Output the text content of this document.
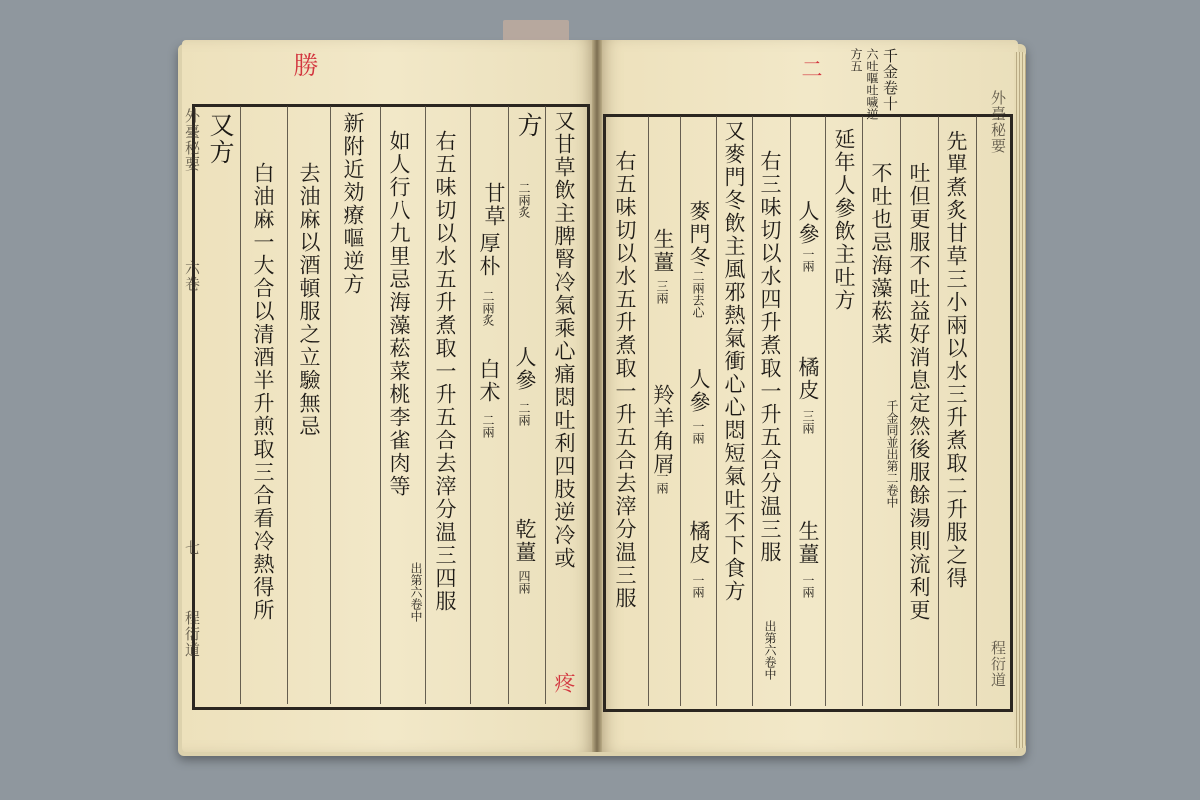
勝
外臺秘要
六卷
七
程衍道
又方
白油麻一大合以清酒半升煎取三合看冷熱得所 去油麻以酒頓服之立驗無忌 新附近効療嘔逆方 如人行八九里忌海藻菘菜桃李雀肉等
出第六卷中 右五味切以水五升煮取一升五合去滓分温三四服 厚朴
二兩炙
白术
二兩
甘草 二兩炙
人參
二兩
乾薑
四兩
方 又甘草飲主脾腎冷氣乘心痛悶吐利四肢逆冷或
疼
二	千金卷十
六吐嘔吐噦逆
方五
外臺秘要
程衍道
先單煮炙甘草三小兩以水三升煮取二升服之得
吐但更服不吐益好消息定然後服餘湯則流利更
不吐也忌海藻菘菜
千金同並出第二卷中
延年人參飲主吐方
人參
一兩
橘皮
三兩
生薑
一兩
右三味切以水四升煮取一升五合分温三服
出第六卷中
又麥門冬飲主風邪熱氣衝心心悶短氣吐不下食方
麥門冬
二兩去心
人參
一兩
橘皮
一兩
生薑
三兩
羚羊角屑
一兩
右五味切以水五升煮取一升五合去滓分温三服
